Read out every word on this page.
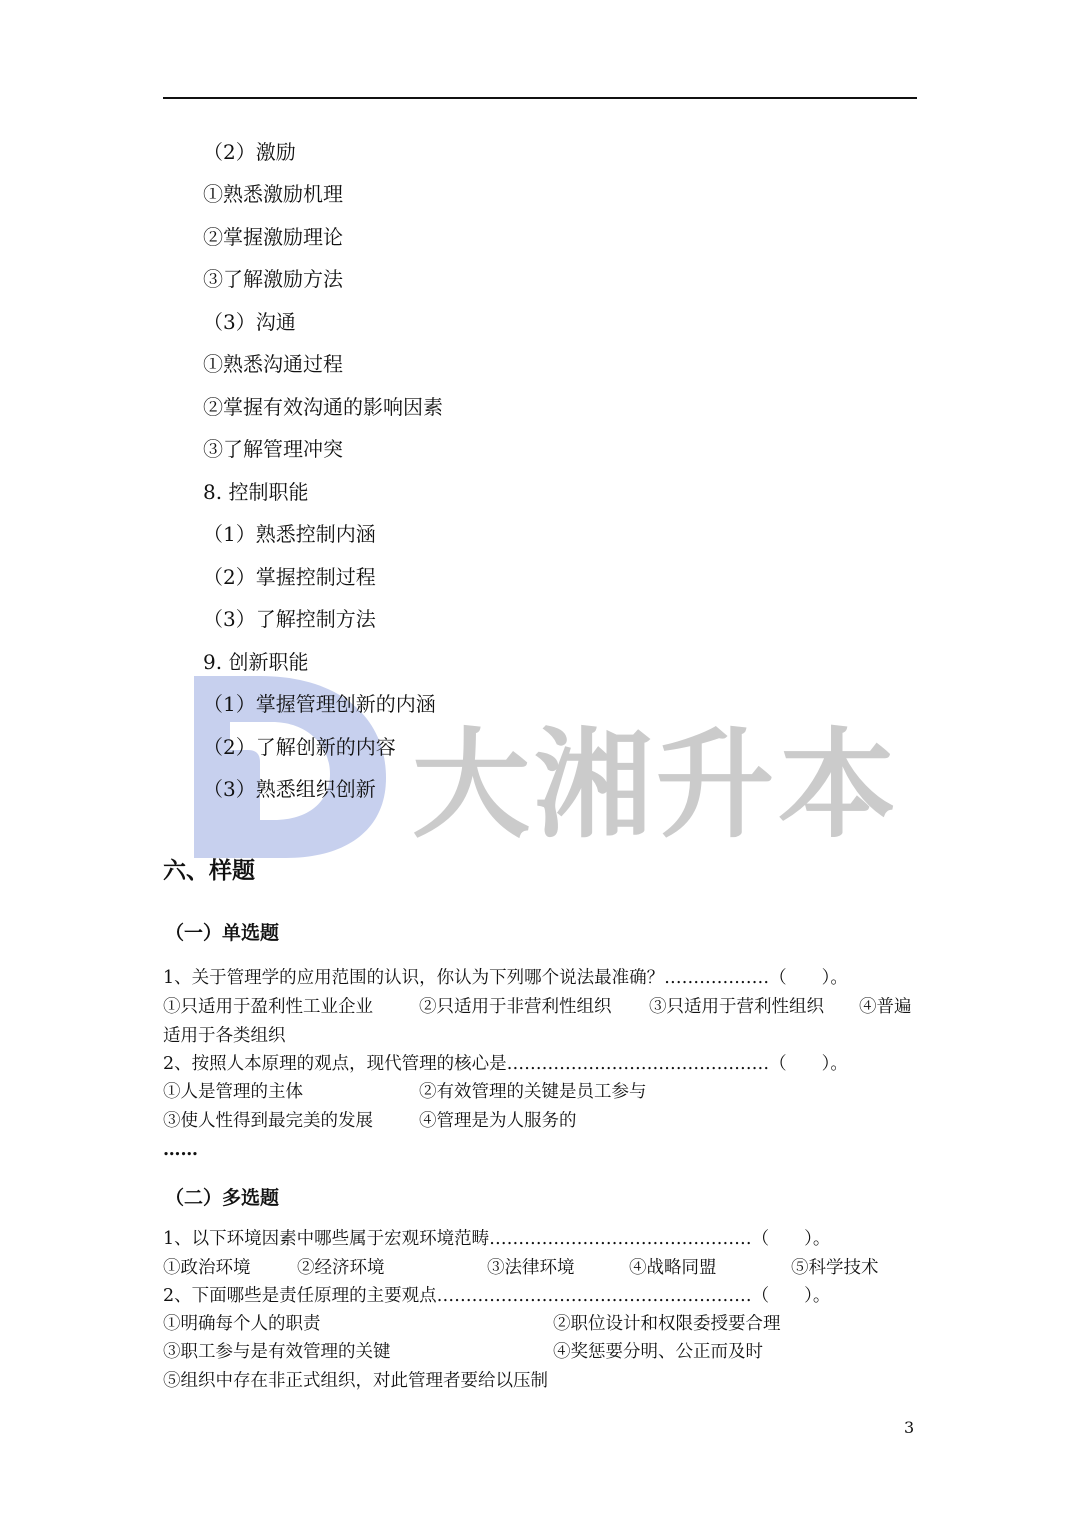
大湘升本
（2）激励
①熟悉激励机理
②掌握激励理论
③了解激励方法
（3）沟通
①熟悉沟通过程
②掌握有效沟通的影响因素
③了解管理冲突
8. 控制职能
（1）熟悉控制内涵
（2）掌握控制过程
（3）了解控制方法
9. 创新职能
（1）掌握管理创新的内涵
（2）了解创新的内容
（3）熟悉组织创新
六、样题
（一）单选题
1、关于管理学的应用范围的认识，你认为下列哪个说法最准确？………………（　　）。
①只适用于盈利性工业企业	②只适用于非营利性组织 ③只适用于营利性组织 ④普遍
适用于各类组织
2、按照人本原理的观点，现代管理的核心是………………………………………（　　）。
①人是管理的主体	②有效管理的关键是员工参与
③使人性得到最完美的发展	④管理是为人服务的
……
（二）多选题
1、以下环境因素中哪些属于宏观环境范畴………………………………………（　　）。
①政治环境	②经济环境	③法律环境	④战略同盟	⑤科学技术
2、下面哪些是责任原理的主要观点………………………………………………（　　）。
①明确每个人的职责	②职位设计和权限委授要合理
③职工参与是有效管理的关键	④奖惩要分明、公正而及时
⑤组织中存在非正式组织，对此管理者要给以压制
3
